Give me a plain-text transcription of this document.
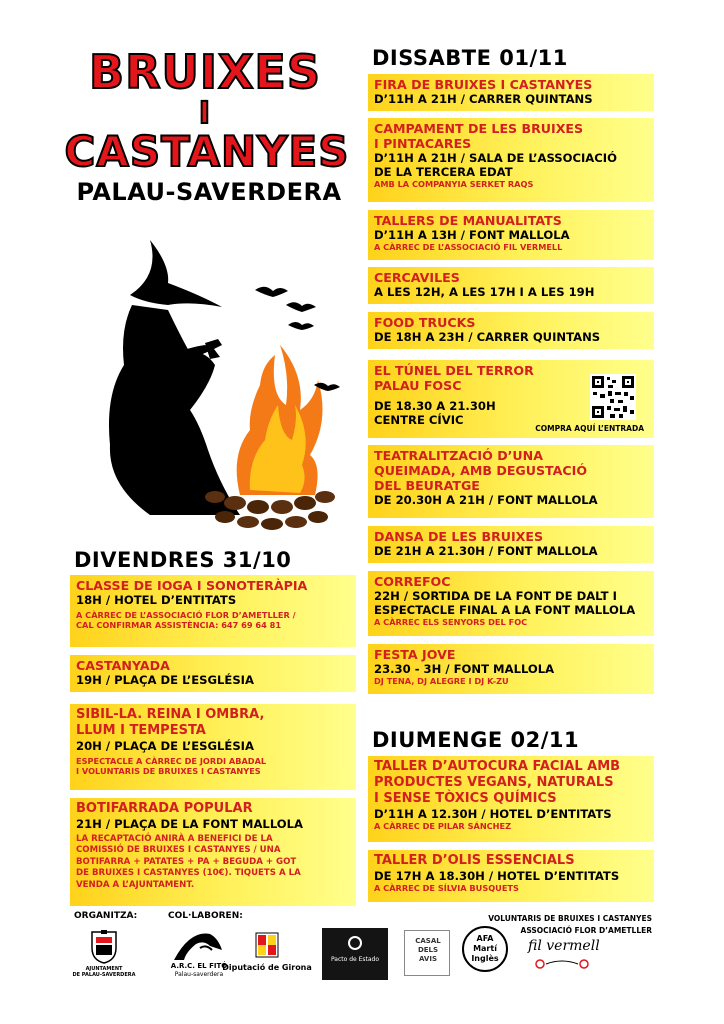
BRUIXES
I
CASTANYES
PALAU-SAVERDERA
DISSABTE 01/11
FIRA DE BRUIXES I CASTANYES
D’11H A 21H / CARRER QUINTANS
CAMPAMENT DE LES BRUIXES
I PINTACARES
D’11H A 21H / SALA DE L’ASSOCIACIÓ
DE LA TERCERA EDAT
AMB LA COMPANYIA SERKET RAQS
TALLERS DE MANUALITATS
D’11H A 13H / FONT MALLOLA
A CÀRREC DE L’ASSOCIACIÓ FIL VERMELL
CERCAVILES
A LES 12H, A LES 17H I A LES 19H
FOOD TRUCKS
DE 18H A 23H / CARRER QUINTANS
EL TÚNEL DEL TERROR
PALAU FOSC
DE 18.30 A 21.30H
CENTRE CÍVIC
COMPRA AQUÍ L’ENTRADA
TEATRALITZACIÓ D’UNA
QUEIMADA, AMB DEGUSTACIÓ
DEL BEURATGE
DE 20.30H A 21H / FONT MALLOLA
DANSA DE LES BRUIXES
DE 21H A 21.30H / FONT MALLOLA
CORREFOC
22H / SORTIDA DE LA FONT DE DALT I
ESPECTACLE FINAL A LA FONT MALLOLA
A CÀRREC ELS SENYORS DEL FOC
FESTA JOVE
23.30 - 3H / FONT MALLOLA
DJ TENA, DJ ALEGRE I DJ K-ZU
DIUMENGE 02/11
TALLER D’AUTOCURA FACIAL AMB
PRODUCTES VEGANS, NATURALS
I SENSE TÒXICS QUÍMICS
D’11H A 12.30H / HOTEL D’ENTITATS
A CÀRREC DE PILAR SÁNCHEZ
TALLER D’OLIS ESSENCIALS
DE 17H A 18.30H / HOTEL D’ENTITATS
A CÀRREC DE SÍLVIA BUSQUETS
DIVENDRES 31/10
CLASSE DE IOGA I SONOTERÀPIA
18H / HOTEL D’ENTITATS
A CÀRREC DE L’ASSOCIACIÓ FLOR D’AMETLLER /
CAL CONFIRMAR ASSISTÈNCIA: 647 69 64 81
CASTANYADA
19H / PLAÇA DE L’ESGLÉSIA
SIBIL-LA. REINA I OMBRA,
LLUM I TEMPESTA
20H / PLAÇA DE L’ESGLÉSIA
ESPECTACLE A CÀRREC DE JORDI ABADAL
I VOLUNTARIS DE BRUIXES I CASTANYES
BOTIFARRADA POPULAR
21H / PLAÇA DE LA FONT MALLOLA
LA RECAPTACIÓ ANIRÀ A BENEFICI DE LA
COMISSIÓ DE BRUIXES I CASTANYES / UNA
BOTIFARRA + PATATES + PA + BEGUDA + GOT
DE BRUIXES I CASTANYES (10€). TIQUETS A LA
VENDA A L’AJUNTAMENT.
ORGANITZA:	COL·LABOREN:	VOLUNTARIS DE BRUIXES I CASTANYES
ASSOCIACIÓ FLOR D’AMETLLER
AJUNTAMENT
DE PALAU-SAVERDERA
A.R.C. EL FITÓ
Palau-saverdera
Diputació de Girona
Pacto de Estado
CASAL
DELS
AVIS
AFA
Martí
Inglès
fil vermell
